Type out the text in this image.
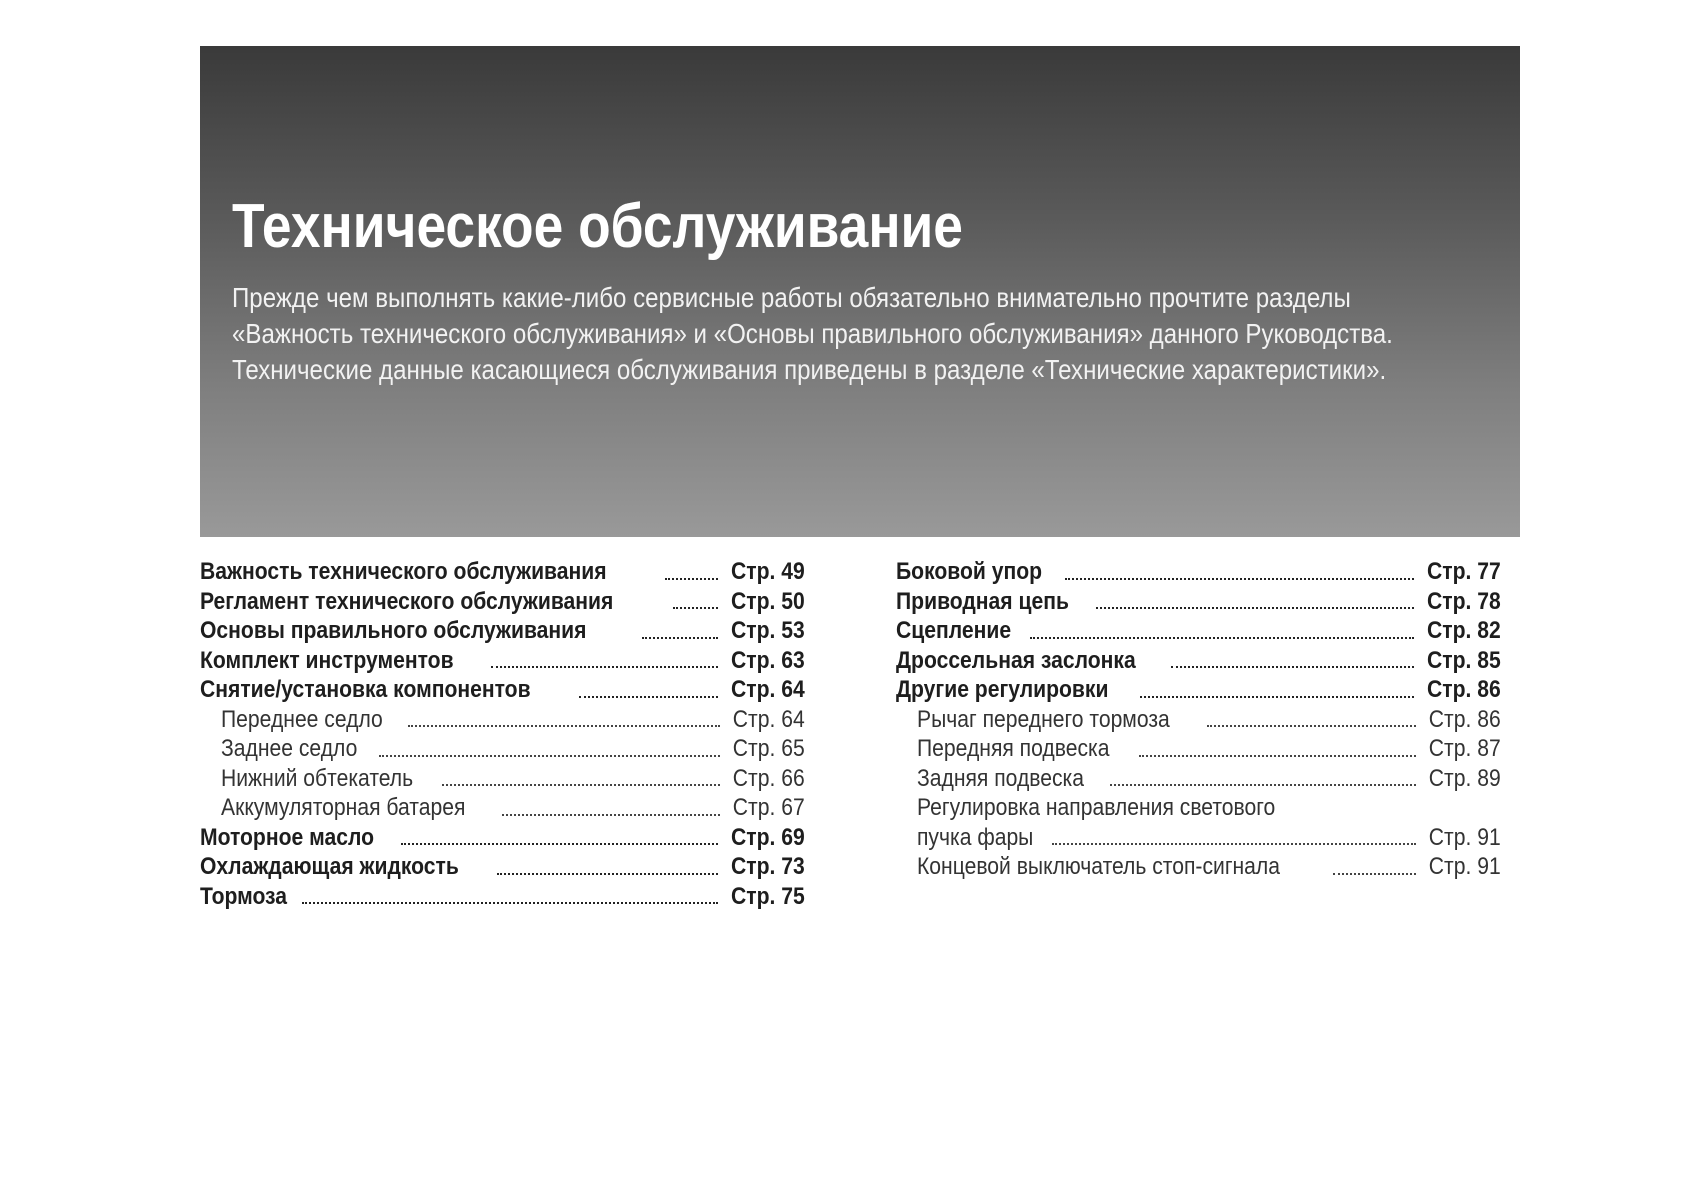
Техническое обслуживание
Прежде чем выполнять какие-либо сервисные работы обязательно внимательно прочтите разделы
«Важность технического обслуживания» и «Основы правильного обслуживания» данного Руководства.
Технические данные касающиеся обслуживания приведены в разделе «Технические характеристики».
Важность технического обслуживания	Стр. 49
Регламент технического обслуживания	Стр. 50
Основы правильного обслуживания	Стр. 53
Комплект инструментов	Стр. 63
Снятие/установка компонентов	Стр. 64
Переднее седло	Стр. 64
Заднее седло	Стр. 65
Нижний обтекатель	Стр. 66
Аккумуляторная батарея	Стр. 67
Моторное масло	Стр. 69
Охлаждающая жидкость	Стр. 73
Тормоза	Стр. 75
Боковой упор	Стр. 77
Приводная цепь	Стр. 78
Сцепление	Стр. 82
Дроссельная заслонка	Стр. 85
Другие регулировки	Стр. 86
Рычаг переднего тормоза	Стр. 86
Передняя подвеска	Стр. 87
Задняя подвеска	Стр. 89
Регулировка направления светового
пучка фары	Стр. 91
Концевой выключатель стоп-сигнала	Стр. 91
